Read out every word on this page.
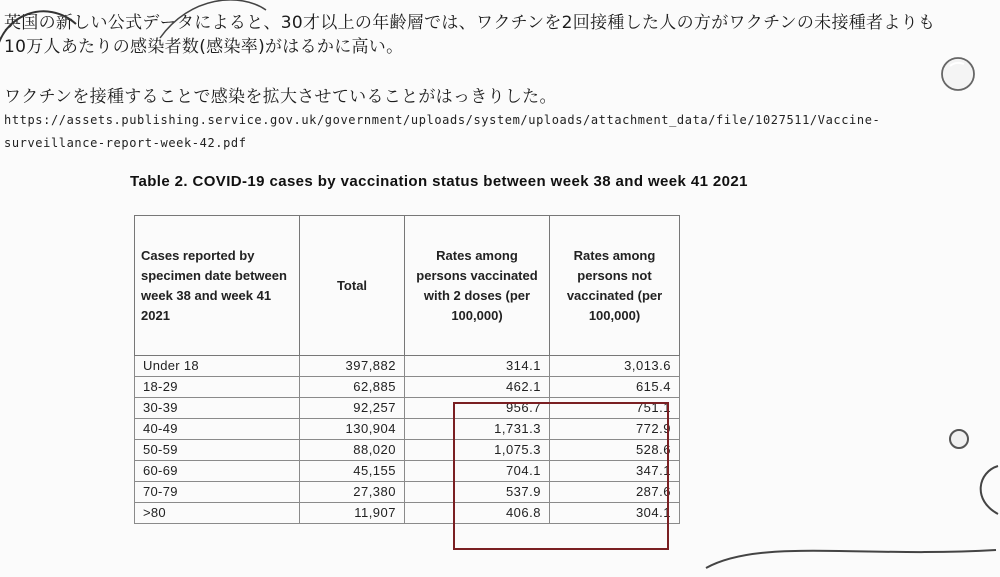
英国の新しい公式データによると、30才以上の年齢層では、ワクチンを2回接種した人の方がワクチンの未接種者よりも
10万人あたりの感染者数(感染率)がはるかに高い。
ワクチンを接種することで感染を拡大させていることがはっきりした。
https://assets.publishing.service.gov.uk/government/uploads/system/uploads/attachment_data/file/1027511/Vaccine-
surveillance-report-week-42.pdf
Table 2. COVID-19 cases by vaccination status between week 38 and week 41 2021
Cases reported by specimen date between week 38 and week 41 2021	Total	Rates among persons vaccinated with 2 doses (per 100,000)	Rates among persons not vaccinated (per 100,000)
Under 18	397,882	314.1	3,013.6
18-29	62,885	462.1	615.4
30-39	92,257	956.7	751.1
40-49	130,904	1,731.3	772.9
50-59	88,020	1,075.3	528.6
60-69	45,155	704.1	347.1
70-79	27,380	537.9	287.6
>80	11,907	406.8	304.1
